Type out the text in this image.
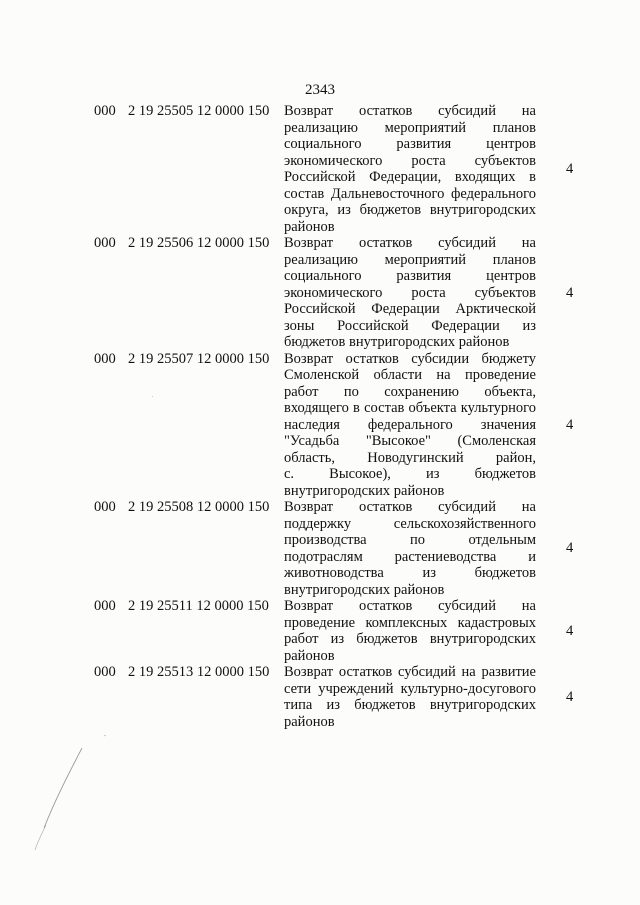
2343
000 2 19 25505 12 0000 150	Возврат остатков субсидий на
реализацию мероприятий планов
социального развития центров
экономического роста субъектов
Российской Федерации, входящих в
состав Дальневосточного федерального
округа, из бюджетов внутригородских
районов
4
000 2 19 25506 12 0000 150	Возврат остатков субсидий на
реализацию мероприятий планов
социального развития центров
экономического роста субъектов
Российской Федерации Арктической
зоны Российской Федерации из
бюджетов внутригородских районов
4
000 2 19 25507 12 0000 150	Возврат остатков субсидии бюджету
Смоленской области на проведение
работ по сохранению объекта,
входящего в состав объекта культурного
наследия федерального значения
"Усадьба "Высокое" (Смоленская
область, Новодугинский район,
с. Высокое), из бюджетов
внутригородских районов
4
000 2 19 25508 12 0000 150	Возврат остатков субсидий на
поддержку сельскохозяйственного
производства по отдельным
подотраслям растениеводства и
животноводства из бюджетов
внутригородских районов
4
000 2 19 25511 12 0000 150	Возврат остатков субсидий на
проведение комплексных кадастровых
работ из бюджетов внутригородских
районов
4
000 2 19 25513 12 0000 150	Возврат остатков субсидий на развитие
сети учреждений культурно-досугового
типа из бюджетов внутригородских
районов
4
